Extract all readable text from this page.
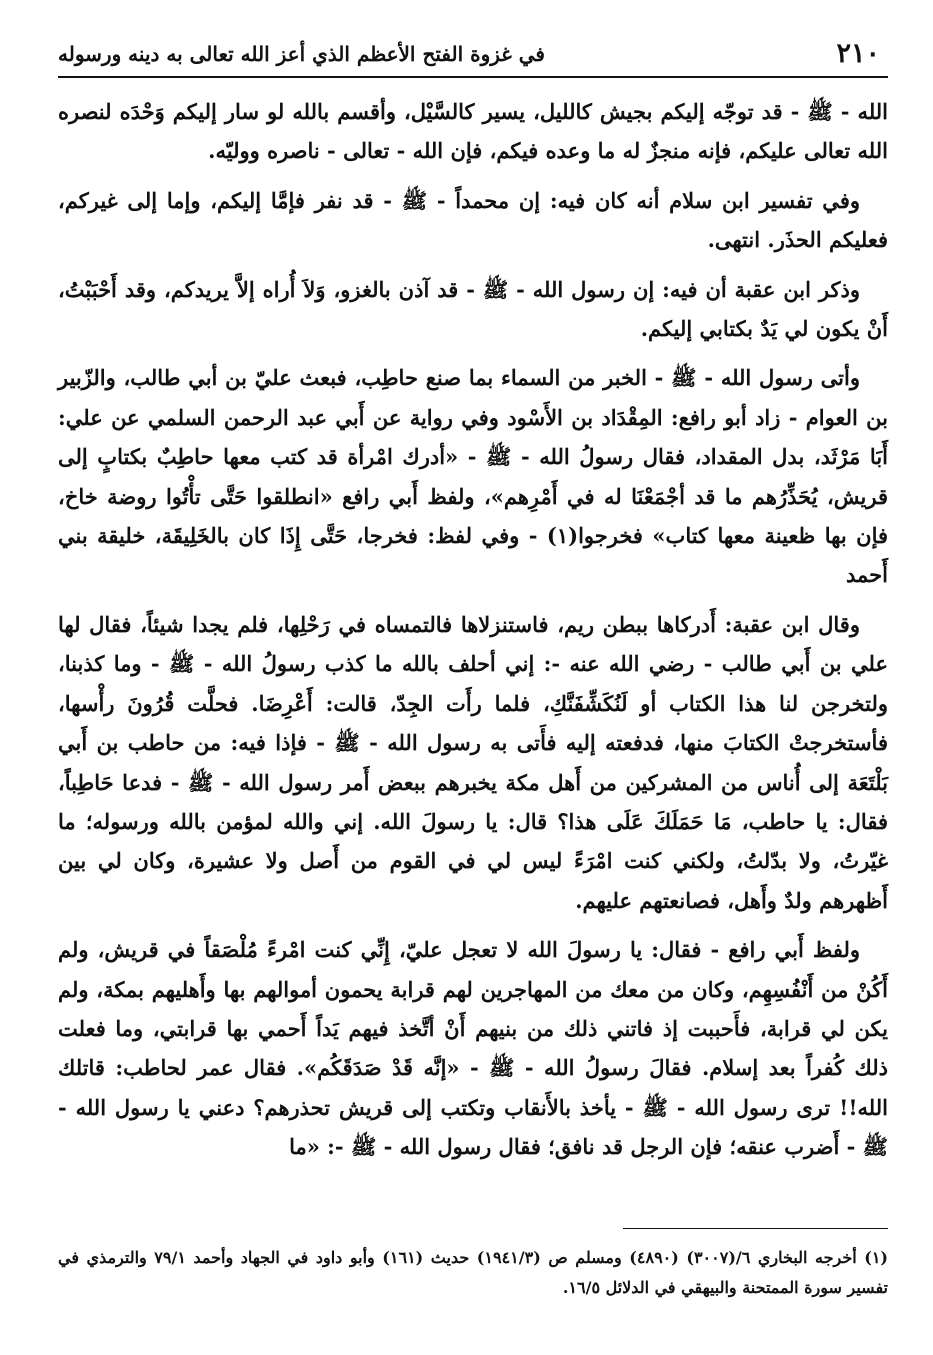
٢١٠
في غزوة الفتح الأعظم الذي أعز الله تعالى به دينه ورسوله

الله - ﷺ - قد توجّه إليكم بجيش كالليل، يسير كالسَّيْل، وأقسم بالله لو سار إليكم وَحْدَه لنصره الله تعالى عليكم، فإنه منجزٌ له ما وعده فيكم، فإن الله - تعالى - ناصره ووليّه.

وفي تفسير ابن سلام أنه كان فيه: إن محمداً - ﷺ - قد نفر فإمَّا إليكم، وإما إلى غيركم، فعليكم الحذَر. انتهى.

وذكر ابن عقبة أن فيه: إن رسول الله - ﷺ - قد آذن بالغزو، وَلاَ أُراه إلاَّ يريدكم، وقد أَحْبَبْتُ، أَنْ يكون لي يَدٌ بكتابي إليكم.

وأتى رسول الله - ﷺ - الخبر من السماء بما صنع حاطِب، فبعث عليّ بن أبي طالب، والزّبير بن العوام - زاد أبو رافع: المِقْدَاد بن الأَسْود وفي رواية عن أَبي عبد الرحمن السلمي عن علي: أَبَا مَرْثَد، بدل المقداد، فقال رسولُ الله - ﷺ - «أدرك امْرأة قد كتب معها حاطِبٌ بكتابٍ إلى قريش، يُحَذِّرُهم ما قد أجْمَعْنَا له في أَمْرِهم»، ولفظ أَبي رافع «انطلقوا حَتَّى تأْتُوا روضة خاخ، فإن بها ظعينة معها كتاب» فخرجوا(١) - وفي لفظ: فخرجا، حَتَّى إِذَا كان بالخَلِيقَة، خليقة بني أَحمد

وقال ابن عقبة: أَدركاها ببطن ريم، فاستنزلاها فالتمساه في رَحْلِها، فلم يجدا شيئاً، فقال لها علي بن أَبي طالب - رضي الله عنه -: إني أحلف بالله ما كذب رسولُ الله - ﷺ - وما كذبنا، ولتخرجن لنا هذا الكتاب أو لَنُكَشِّفَنَّكِ، فلما رأَت الجِدّ، قالت: أَعْرِضَا. فحلَّت قُرُونَ رأْسها، فأستخرجتْ الكتابَ منها، فدفعته إليه فأَتى به رسول الله - ﷺ - فإذا فيه: من حاطب بن أَبي بَلْتَعَة إلى أُناس من المشركين من أَهل مكة يخبرهم ببعض أَمر رسول الله - ﷺ - فدعا حَاطِباً، فقال: يا حاطب، مَا حَمَلَكَ عَلَى هذا؟ قال: يا رسولَ الله. إني والله لمؤمن بالله ورسوله؛ ما غيّرتُ، ولا بدّلتُ، ولكني كنت امْرَءً ليس لي في القوم من أَصل ولا عشيرة، وكان لي بين أَظهرهم ولدٌ وأَهل، فصانعتهم عليهم.

ولفظ أَبي رافع - فقال: يا رسولَ الله لا تعجل عليّ، إِنِّي كنت امْرءً مُلْصَقاً في قريش، ولم أَكُنْ من أَنْفُسِهِم، وكان من معك من المهاجرين لهم قرابة يحمون أموالهم بها وأَهليهم بمكة، ولم يكن لي قرابة، فأَحببت إذ فاتني ذلك من بنيهم أَنْ أتَّخذ فيهم يَداً أَحمي بها قرابتي، وما فعلت ذلك كُفراً بعد إسلام. فقالَ رسولُ الله - ﷺ - «إنَّه قَدْ صَدَقَكُم». فقال عمر لحاطب: قاتلك الله!! ترى رسول الله - ﷺ - يأخذ بالأَنقاب وتكتب إلى قريش تحذرهم؟ دعني يا رسول الله - ﷺ - أَضرب عنقه؛ فإن الرجل قد نافق؛ فقال رسول الله - ﷺ -: «ما

(١) أخرجه البخاري ٦/(٣٠٠٧) (٤٨٩٠) ومسلم ص (١٩٤١/٣) حديث (١٦١) وأبو داود في الجهاد وأحمد ٧٩/١ والترمذي في تفسير سورة الممتحنة والبيهقي في الدلائل ١٦/٥.
